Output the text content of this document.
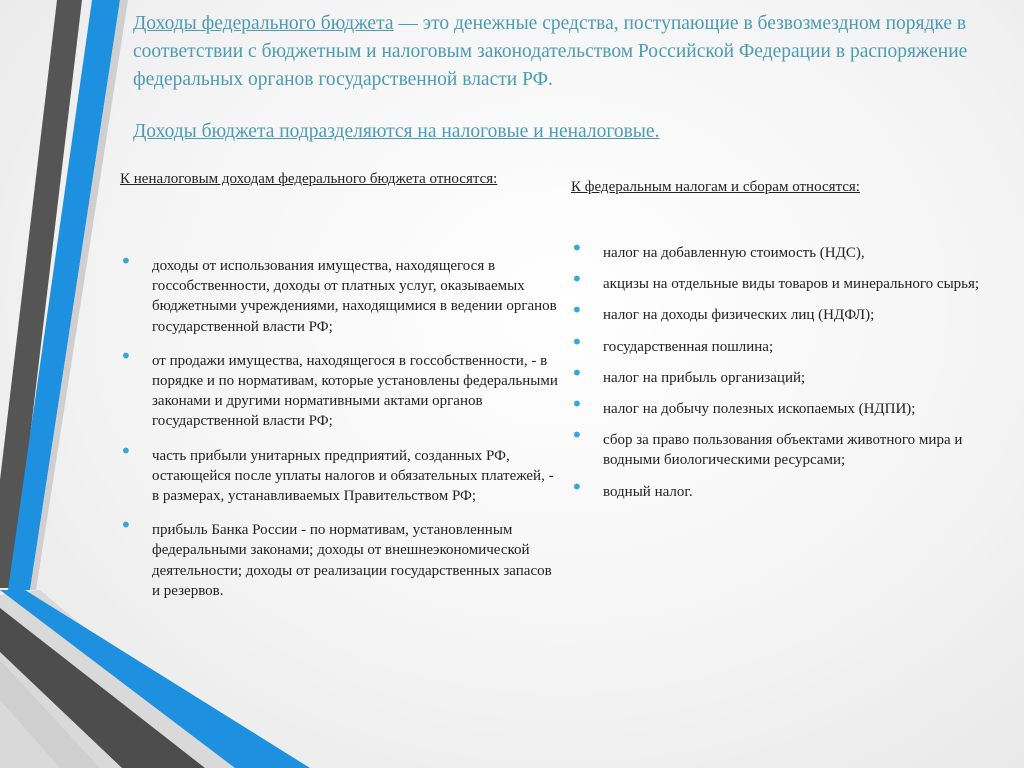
Доходы федерального бюджета — это денежные средства, поступающие в безвозмездном порядке в соответствии с бюджетным и налоговым законодательством Российской Федерации в распоряжение федеральных органов государственной власти РФ.

Доходы бюджета подразделяются на налоговые и неналоговые.

К неналоговым доходам федерального бюджета относятся:

• доходы от использования имущества, находящегося в госсобственности, доходы от платных услуг, оказываемых бюджетными учреждениями, находящимися в ведении органов государственной власти РФ;
• от продажи имущества, находящегося в госсобственности, - в порядке и по нормативам, которые установлены федеральными законами и другими нормативными актами органов государственной власти РФ;
• часть прибыли унитарных предприятий, созданных РФ, остающейся после уплаты налогов и обязательных платежей, - в размерах, устанавливаемых Правительством РФ;
• прибыль Банка России - по нормативам, установленным федеральными законами; доходы от внешнеэкономической деятельности; доходы от реализации государственных запасов и резервов.

К федеральным налогам и сборам относятся:

• налог на добавленную стоимость (НДС),
• акцизы на отдельные виды товаров и минерального сырья;
• налог на доходы физических лиц (НДФЛ);
• государственная пошлина;
• налог на прибыль организаций;
• налог на добычу полезных ископаемых (НДПИ);
• сбор за право пользования объектами животного мира и водными биологическими ресурсами;
• водный налог.
